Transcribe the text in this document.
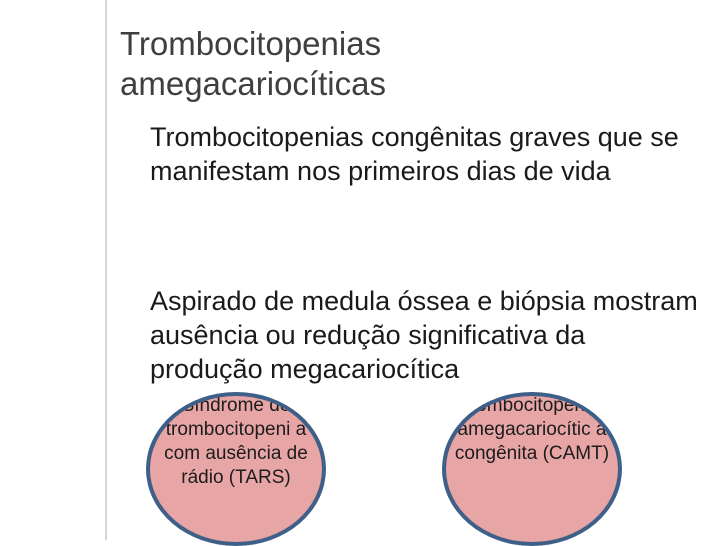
Trombocitopenias
amegacariocíticas
Trombocitopenias congênitas graves que se manifestam nos primeiros dias de vida
Aspirado de medula óssea e biópsia mostram ausência ou redução significativa da produção megacariocítica
Síndrome de trombocitopeni a com ausência de rádio (TARS)
Trombocitopeni a amegacariocític a congênita (CAMT)
